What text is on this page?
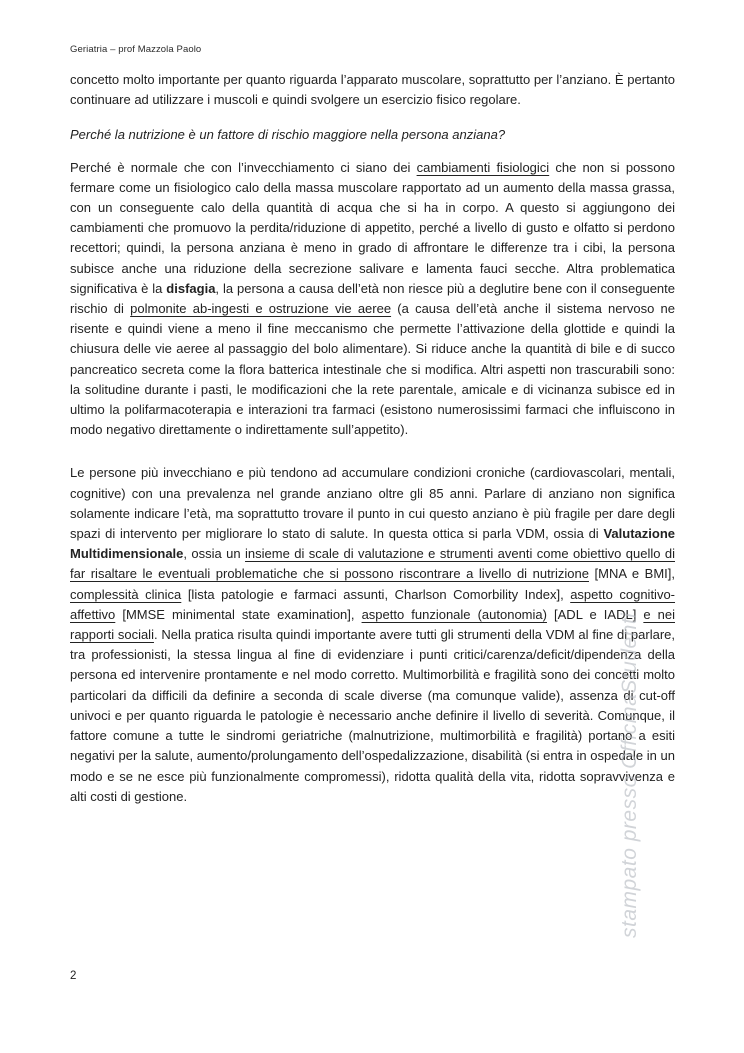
Geriatria – prof Mazzola Paolo

concetto molto importante per quanto riguarda l’apparato muscolare, soprattutto per l’anziano. È pertanto continuare ad utilizzare i muscoli e quindi svolgere un esercizio fisico regolare.

Perché la nutrizione è un fattore di rischio maggiore nella persona anziana?

Perché è normale che con l’invecchiamento ci siano dei cambiamenti fisiologici che non si possono fermare come un fisiologico calo della massa muscolare rapportato ad un aumento della massa grassa, con un conseguente calo della quantità di acqua che si ha in corpo. A questo si aggiungono dei cambiamenti che promuovo la perdita/riduzione di appetito, perché a livello di gusto e olfatto si perdono recettori; quindi, la persona anziana è meno in grado di affrontare le differenze tra i cibi, la persona subisce anche una riduzione della secrezione salivare e lamenta fauci secche. Altra problematica significativa è la disfagia, la persona a causa dell’età non riesce più a deglutire bene con il conseguente rischio di polmonite ab-ingesti e ostruzione vie aeree (a causa dell’età anche il sistema nervoso ne risente e quindi viene a meno il fine meccanismo che permette l’attivazione della glottide e quindi la chiusura delle vie aeree al passaggio del bolo alimentare). Si riduce anche la quantità di bile e di succo pancreatico secreta come la flora batterica intestinale che si modifica. Altri aspetti non trascurabili sono: la solitudine durante i pasti, le modificazioni che la rete parentale, amicale e di vicinanza subisce ed in ultimo la polifarmacoterapia e interazioni tra farmaci (esistono numerosissimi farmaci che influiscono in modo negativo direttamente o indirettamente sull’appetito).

Le persone più invecchiano e più tendono ad accumulare condizioni croniche (cardiovascolari, mentali, cognitive) con una prevalenza nel grande anziano oltre gli 85 anni. Parlare di anziano non significa solamente indicare l’età, ma soprattutto trovare il punto in cui questo anziano è più fragile per dare degli spazi di intervento per migliorare lo stato di salute. In questa ottica si parla VDM, ossia di Valutazione Multidimensionale, ossia un insieme di scale di valutazione e strumenti aventi come obiettivo quello di far risaltare le eventuali problematiche che si possono riscontrare a livello di nutrizione [MNA e BMI], complessità clinica [lista patologie e farmaci assunti, Charlson Comorbility Index], aspetto cognitivo-affettivo [MMSE minimental state examination], aspetto funzionale (autonomia) [ADL e IADL] e nei rapporti sociali. Nella pratica risulta quindi importante avere tutti gli strumenti della VDM al fine di parlare, tra professionisti, la stessa lingua al fine di evidenziare i punti critici/carenza/deficit/dipendenza della persona ed intervenire prontamente e nel modo corretto. Multimorbilità e fragilità sono dei concetti molto particolari da difficili da definire a seconda di scale diverse (ma comunque valide), assenza di cut-off univoci e per quanto riguarda le patologie è necessario anche definire il livello di severità. Comunque, il fattore comune a tutte le sindromi geriatriche (malnutrizione, multimorbilità e fragilità) portano a esiti negativi per la salute, aumento/prolungamento dell’ospedalizzazione, disabilità (si entra in ospedale in un modo e se ne esce più funzionalmente compromessi), ridotta qualità della vita, ridotta sopravvivenza e alti costi di gestione.	stampato presso OfficinaStudenti
2
